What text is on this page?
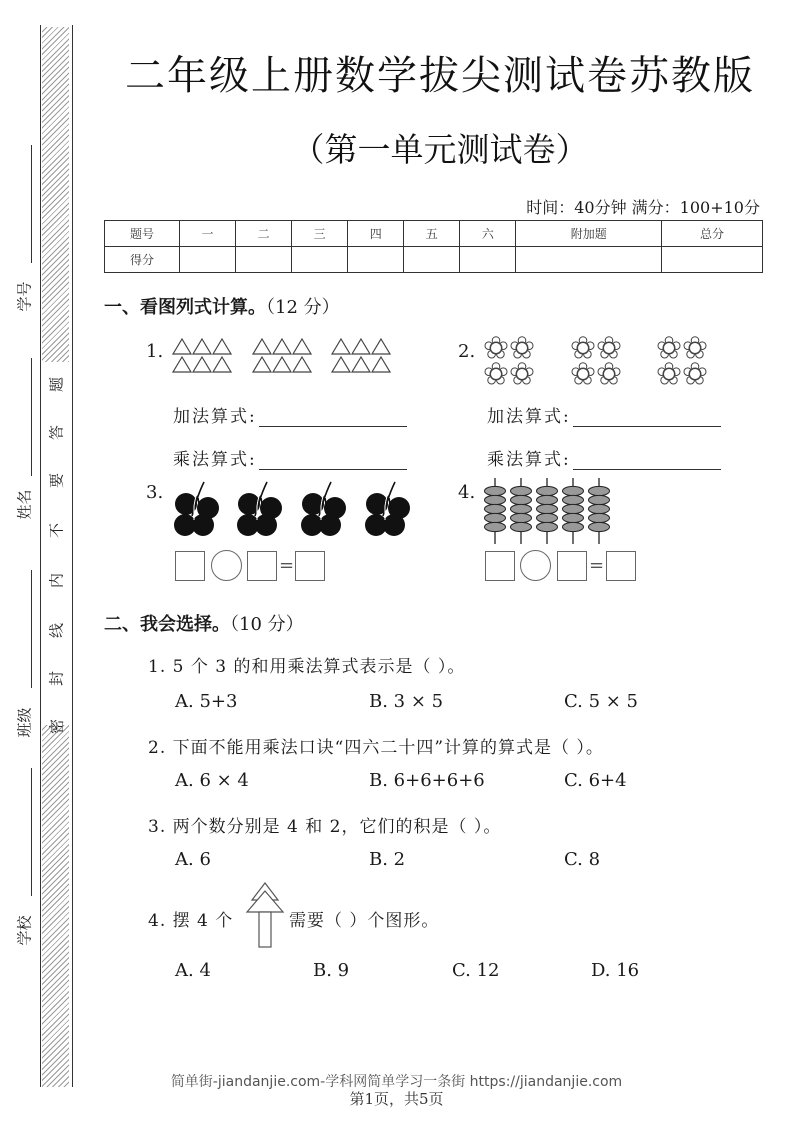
题
答
要
不
内
线
封
密
学号
姓名
班级
学校
二年级上册数学拔尖测试卷苏教版
（第一单元测试卷）
时间：40分钟 满分：100+10分
题号	一	二	三	四	五	六	附加题	总分
得分								
一、看图列式计算。（12 分）
1.
加法算式:
乘法算式:
2.
加法算式:
乘法算式:
3.
=
4.
=
二、我会选择。（10 分）
1. 5 个 3 的和用乘法算式表示是（ ）。
A. 5+3	B. 3 × 5	C. 5 × 5
2. 下面不能用乘法口诀“四六二十四”计算的算式是（ ）。
A. 6 × 4	B. 6+6+6+6	C. 6+4
3. 两个数分别是 4 和 2，它们的积是（ ）。
A. 6	B. 2	C. 8
4. 摆 4 个	需要（ ）个图形。
A. 4	B. 9	C. 12	D. 16
简单街-jiandanjie.com-学科网简单学习一条街 https://jiandanjie.com
第1页，共5页
